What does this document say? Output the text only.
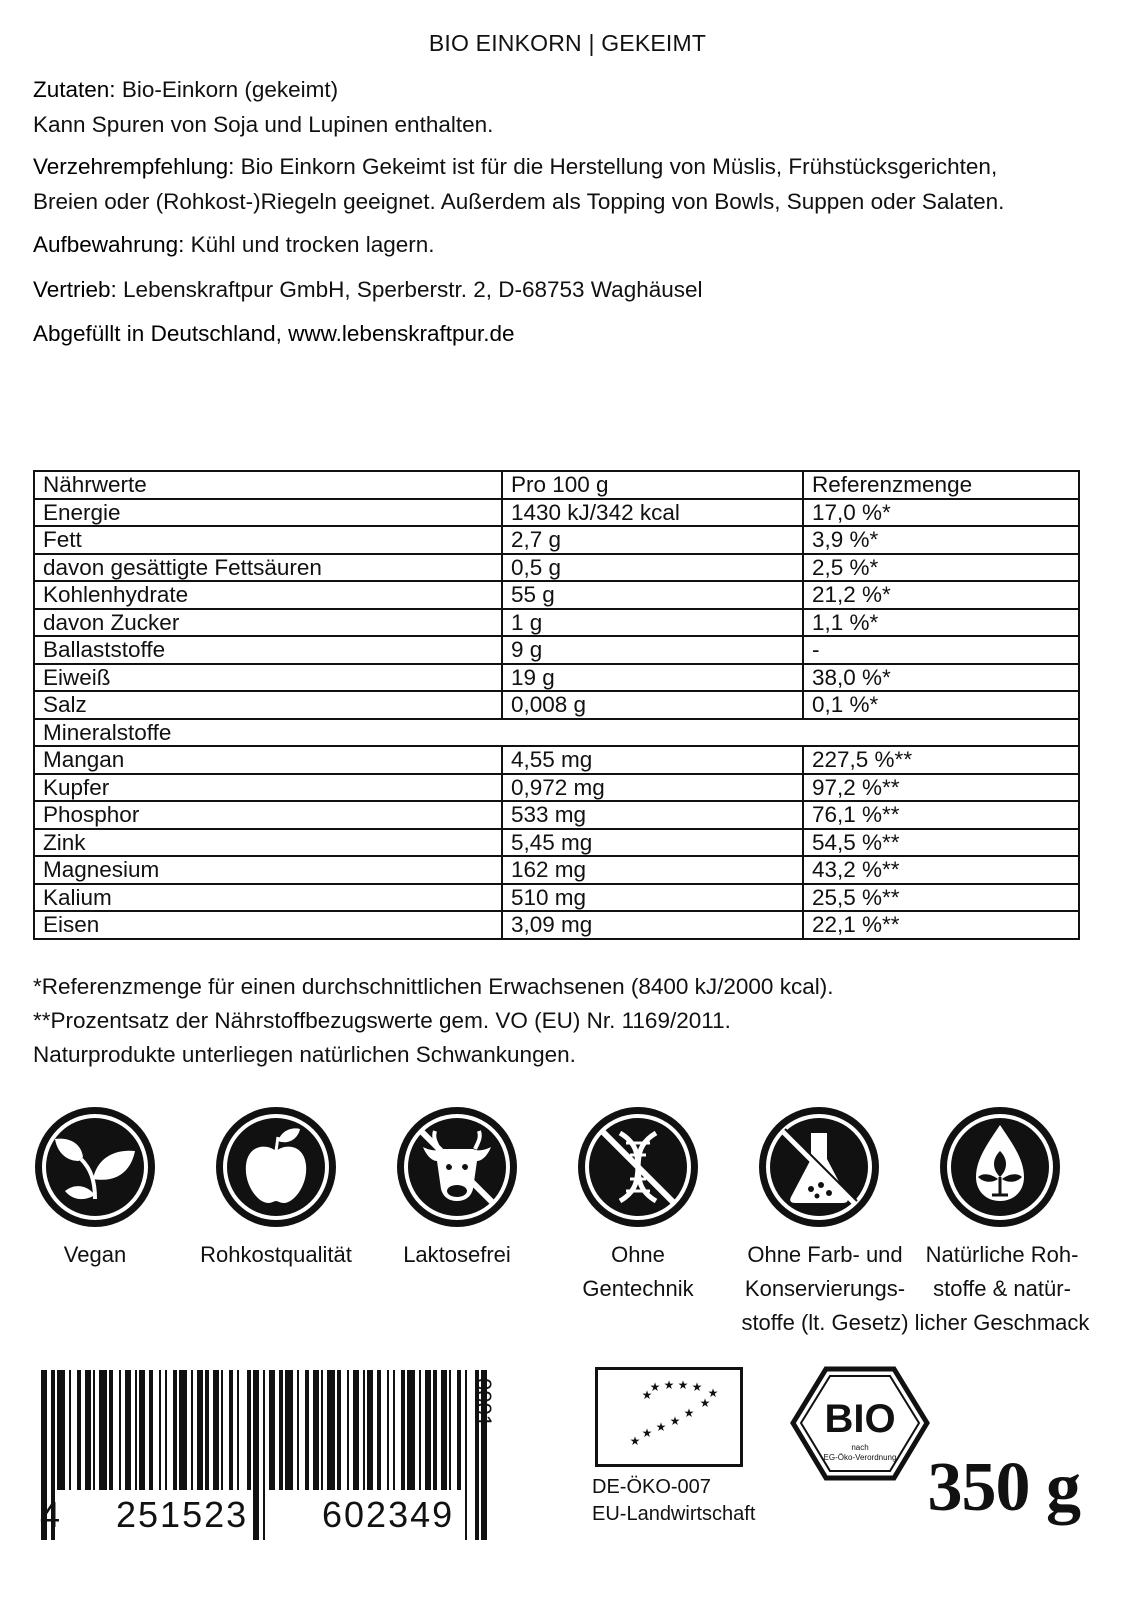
BIO EINKORN | GEKEIMT
Zutaten: Bio-Einkorn (gekeimt)
Kann Spuren von Soja und Lupinen enthalten.
Verzehrempfehlung: Bio Einkorn Gekeimt ist für die Herstellung von Müslis, Frühstücksgerichten,
Breien oder (Rohkost-)Riegeln geeignet. Außerdem als Topping von Bowls, Suppen oder Salaten.
Aufbewahrung: Kühl und trocken lagern.
Vertrieb: Lebenskraftpur GmbH, Sperberstr. 2, D-68753 Waghäusel
Abgefüllt in Deutschland, www.lebenskraftpur.de
Nährwerte	Pro 100 g	Referenzmenge
Energie	1430 kJ/342 kcal	17,0 %*
Fett	2,7 g	3,9 %*
davon gesättigte Fettsäuren	0,5 g	2,5 %*
Kohlenhydrate	55 g	21,2 %*
davon Zucker	1 g	1,1 %*
Ballaststoffe	9 g	-
Eiweiß	19 g	38,0 %*
Salz	0,008 g	0,1 %*
Mineralstoffe		
Mangan	4,55 mg	227,5 %**
Kupfer	0,972 mg	97,2 %**
Phosphor	533 mg	76,1 %**
Zink	5,45 mg	54,5 %**
Magnesium	162 mg	43,2 %**
Kalium	510 mg	25,5 %**
Eisen	3,09 mg	22,1 %**
*Referenzmenge für einen durchschnittlichen Erwachsenen (8400 kJ/2000 kcal).
**Prozentsatz der Nährstoffbezugswerte gem. VO (EU) Nr. 1169/2011.
Naturprodukte unterliegen natürlichen Schwankungen.
Vegan	Rohkostqualität	Laktosefrei	Ohne
Gentechnik
Ohne Farb- und
Konservierungs-
stoffe (lt. Gesetz)
Natürliche Roh-
stoffe & natür-
licher Geschmack
4 251523 602349
0001
★
★ ★ ★
★
★
★ ★ ★ ★
★	★
DE-ÖKO-007
EU-Landwirtschaft
BIO
nach
EG-Öko-Verordnung 350 g
